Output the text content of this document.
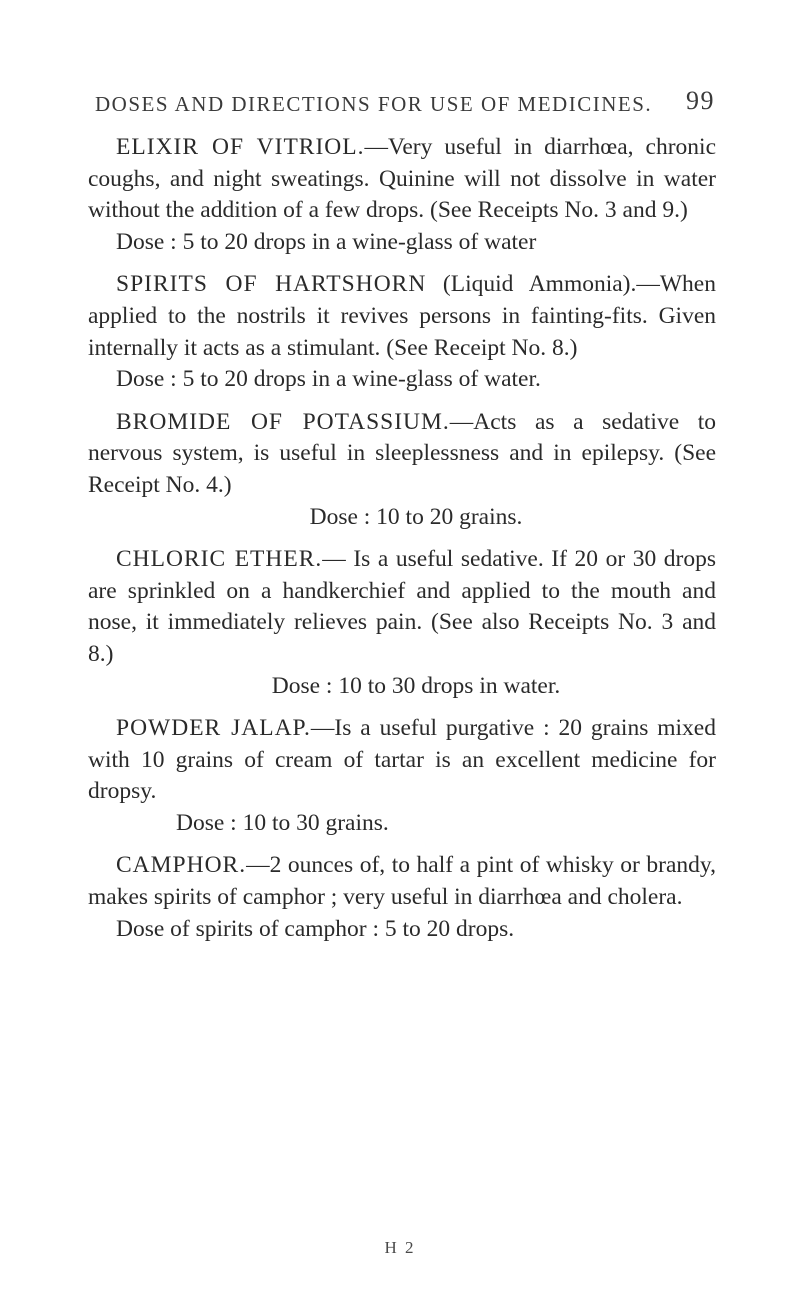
DOSES AND DIRECTIONS FOR USE OF MEDICINES. 99

ELIXIR OF VITRIOL.—Very useful in diarrhœa, chronic coughs, and night sweatings. Quinine will not dissolve in water without the addition of a few drops. (See Receipts No. 3 and 9.)

Dose : 5 to 20 drops in a wine-glass of water

SPIRITS OF HARTSHORN (Liquid Ammonia).—When applied to the nostrils it revives persons in fainting-fits. Given internally it acts as a stimulant. (See Receipt No. 8.)

Dose : 5 to 20 drops in a wine-glass of water.

BROMIDE OF POTASSIUM.—Acts as a sedative to nervous system, is useful in sleeplessness and in epilepsy. (See Receipt No. 4.)

Dose : 10 to 20 grains.

CHLORIC ETHER.— Is a useful sedative. If 20 or 30 drops are sprinkled on a handkerchief and applied to the mouth and nose, it immediately relieves pain. (See also Receipts No. 3 and 8.)

Dose : 10 to 30 drops in water.

POWDER JALAP.—Is a useful purgative : 20 grains mixed with 10 grains of cream of tartar is an excellent medicine for dropsy.

Dose : 10 to 30 grains.

CAMPHOR.—2 ounces of, to half a pint of whisky or brandy, makes spirits of camphor ; very useful in diarrhœa and cholera.

Dose of spirits of camphor : 5 to 20 drops.

H 2
